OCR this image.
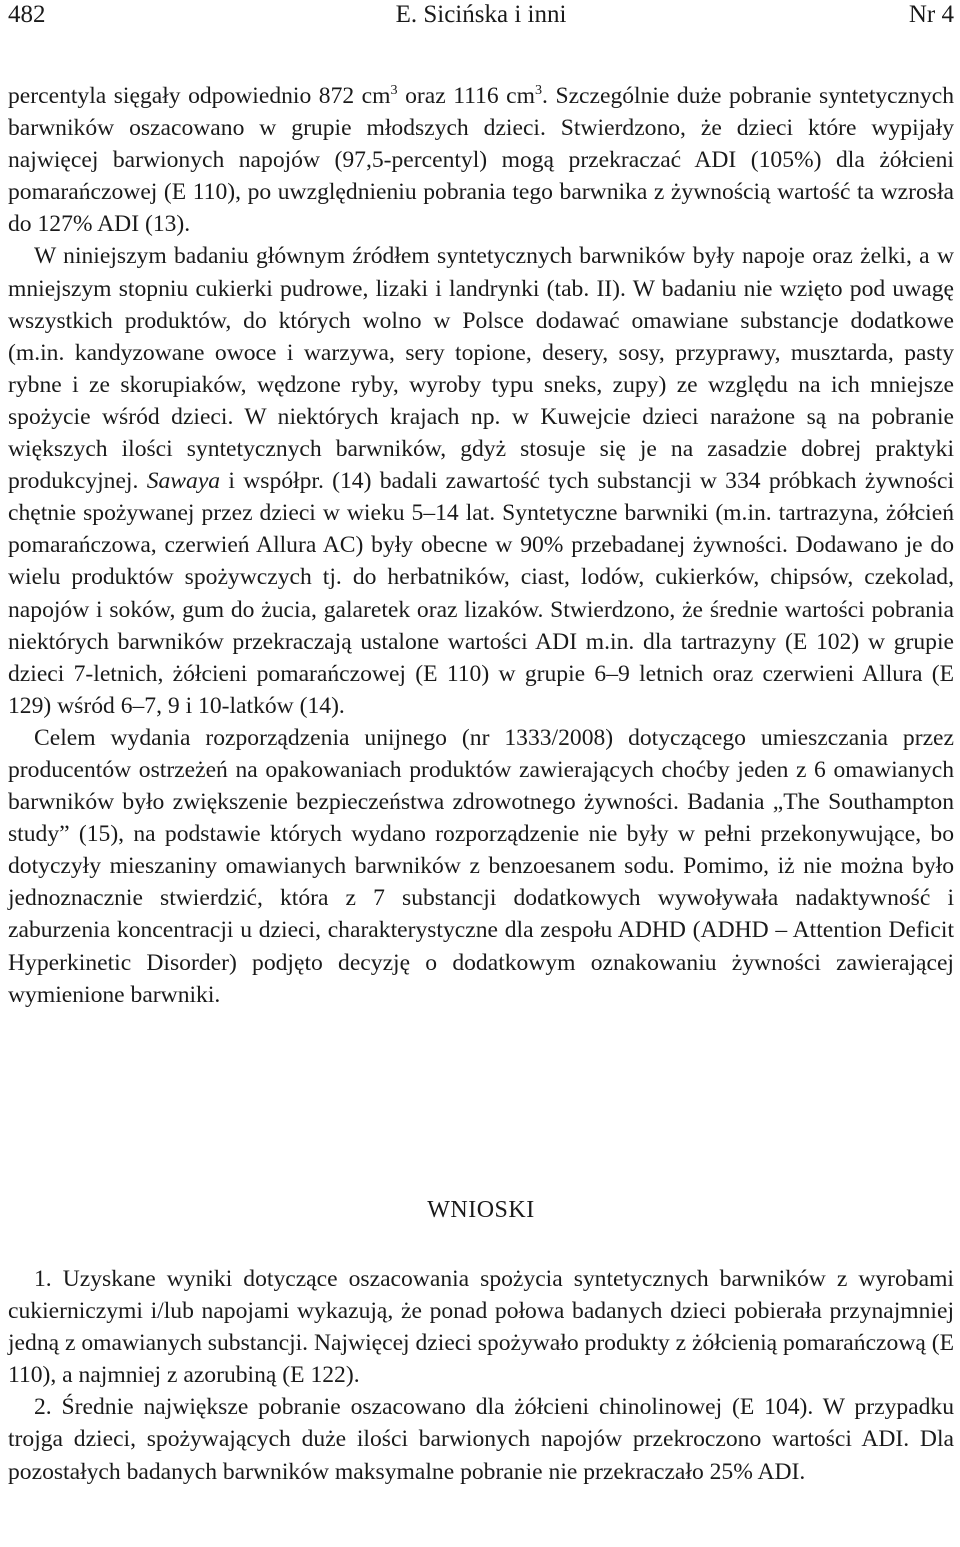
482	E. Sicińska i inni	Nr 4

percentyla sięgały odpowiednio 872 $cm^3$ oraz 1116 $cm^3$. Szczególnie duże pobranie syntetycznych barwników oszacowano w grupie młodszych dzieci. Stwierdzono, że dzieci które wypijały najwięcej barwionych napojów (97,5-percentyl) mogą przekraczać ADI (105%) dla żółcieni pomarańczowej (E 110), po uwzględnieniu pobrania tego barwnika z żywnością wartość ta wzrosła do 127% ADI (13).

W niniejszym badaniu głównym źródłem syntetycznych barwników były napoje oraz żelki, a w mniejszym stopniu cukierki pudrowe, lizaki i landrynki (tab. II). W badaniu nie wzięto pod uwagę wszystkich produktów, do których wolno w Polsce dodawać omawiane substancje dodatkowe (m.in. kandyzowane owoce i warzywa, sery topione, desery, sosy, przyprawy, musztarda, pasty rybne i ze skorupiaków, wędzone ryby, wyroby typu sneks, zupy) ze względu na ich mniejsze spożycie wśród dzieci. W niektórych krajach np. w Kuwejcie dzieci narażone są na pobranie większych ilości syntetycznych barwników, gdyż stosuje się je na zasadzie dobrej praktyki produkcyjnej. Sawaya i współpr. (14) badali zawartość tych substancji w 334 próbkach żywności chętnie spożywanej przez dzieci w wieku 5–14 lat. Syntetyczne barwniki (m.in. tartrazyna, żółcień pomarańczowa, czerwień Allura AC) były obecne w 90% przebadanej żywności. Dodawano je do wielu produktów spożywczych tj. do herbatników, ciast, lodów, cukierków, chipsów, czekolad, napojów i soków, gum do żucia, galaretek oraz lizaków. Stwierdzono, że średnie wartości pobrania niektórych barwników przekraczają ustalone wartości ADI m.in. dla tartrazyny (E 102) w grupie dzieci 7-letnich, żółcieni pomarańczowej (E 110) w grupie 6–9 letnich oraz czerwieni Allura (E 129) wśród 6–7, 9 i 10-latków (14).

Celem wydania rozporządzenia unijnego (nr 1333/2008) dotyczącego umieszczania przez producentów ostrzeżeń na opakowaniach produktów zawierających choćby jeden z 6 omawianych barwników było zwiększenie bezpieczeństwa zdrowotnego żywności. Badania „The Southampton study” (15), na podstawie których wydano rozporządzenie nie były w pełni przekonywujące, bo dotyczyły mieszaniny omawianych barwników z benzoesanem sodu. Pomimo, iż nie można było jednoznacznie stwierdzić, która z 7 substancji dodatkowych wywoływała nadaktywność i zaburzenia koncentracji u dzieci, charakterystyczne dla zespołu ADHD (ADHD – Attention Deficit Hyperkinetic Disorder) podjęto decyzję o dodatkowym oznakowaniu żywności zawierającej wymienione barwniki.

WNIOSKI

1. Uzyskane wyniki dotyczące oszacowania spożycia syntetycznych barwników z wyrobami cukierniczymi i/lub napojami wykazują, że ponad połowa badanych dzieci pobierała przynajmniej jedną z omawianych substancji. Najwięcej dzieci spożywało produkty z żółcienią pomarańczową (E 110), a najmniej z azorubiną (E 122).

2. Średnie największe pobranie oszacowano dla żółcieni chinolinowej (E 104). W przypadku trojga dzieci, spożywających duże ilości barwionych napojów przekroczono wartości ADI. Dla pozostałych badanych barwników maksymalne pobranie nie przekraczało 25% ADI.
